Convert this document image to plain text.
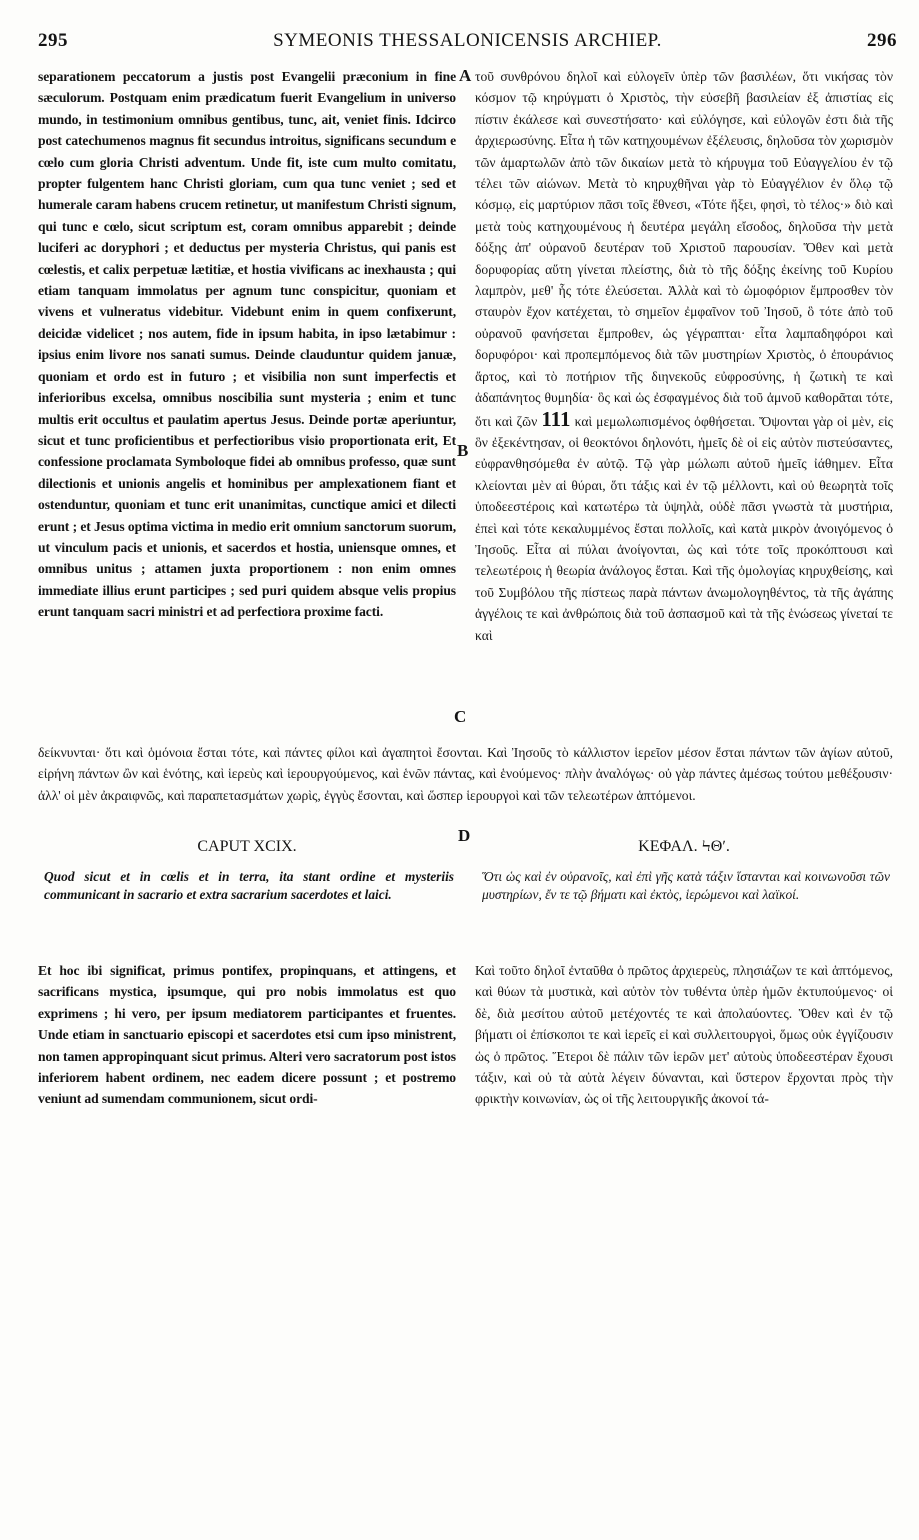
295	SYMEONIS THESSALONICENSIS ARCHIEP.	296
separationem peccatorum a justis post Evangelii præconium in fine sæculorum. Postquam enim prædicatum fuerit Evangelium in universo mundo, in testimonium omnibus gentibus, tunc, ait, veniet finis. Idcirco post catechumenos magnus fit secundus introitus, significans secundum e cœlo cum gloria Christi adventum. Unde fit, iste cum multo comitatu, propter fulgentem hanc Christi gloriam, cum qua tunc veniet ; sed et humerale caram habens crucem retinetur, ut manifestum Christi signum, qui tunc e cœlo, sicut scriptum est, coram omnibus apparebit ; deinde luciferi ac doryphori ; et deductus per mysteria Christus, qui panis est cœlestis, et calix perpetuæ lætitiæ, et hostia vivificans ac inexhausta ; qui etiam tanquam immolatus per agnum tunc conspicitur, quoniam et vivens et vulneratus videbitur. Videbunt enim in quem confixerunt, deicidæ videlicet ; nos autem, fide in ipsum habita, in ipso lætabimur : ipsius enim livore nos sanati sumus. Deinde clauduntur quidem januæ, quoniam et ordo est in futuro ; et visibilia non sunt imperfectis et inferioribus excelsa, omnibus noscibilia sunt mysteria ; enim et tunc multis erit occultus et paulatim apertus Jesus. Deinde portæ aperiuntur, sicut et tunc proficientibus et perfectioribus visio proportionata erit, Et confessione proclamata Symboloque fidei ab omnibus professo, quæ sunt dilectionis et unionis angelis et hominibus per amplexationem fiant et ostenduntur, quoniam et tunc erit unanimitas, cunctique amici et dilecti erunt ; et Jesus optima victima in medio erit omnium sanctorum suorum, ut vinculum pacis et unionis, et sacerdos et hostia, uniensque omnes, et omnibus unitus ; attamen juxta proportionem : non enim omnes immediate illius erunt participes ; sed puri quidem absque velis propius erunt tanquam sacri ministri et ad perfectiora proxime facti.
τοῦ συνθρόνου δηλοῖ καὶ εὐλογεῖν ὑπὲρ τῶν βασιλέων, ὅτι νικήσας τὸν κόσμον τῷ κηρύγματι ὁ Χριστὸς, τὴν εὐσεβῆ βασιλείαν ἐξ ἀπιστίας εἰς πίστιν ἐκάλεσε καὶ συνεστήσατο· καὶ εὐλόγησε, καὶ εὐλογῶν ἐστι διὰ τῆς ἀρχιερωσύνης. Εἶτα ἡ τῶν κατηχουμένων ἐξέλευσις, δηλοῦσα τὸν χωρισμὸν τῶν ἁμαρτωλῶν ἀπὸ τῶν δικαίων μετὰ τὸ κήρυγμα τοῦ Εὐαγγελίου ἐν τῷ τέλει τῶν αἰώνων. Μετὰ τὸ κηρυχθῆναι γὰρ τὸ Εὐαγγέλιον ἐν ὅλῳ τῷ κόσμῳ, εἰς μαρτύριον πᾶσι τοῖς ἔθνεσι, «Τότε ἥξει, φησὶ, τὸ τέλος·» διὸ καὶ μετὰ τοὺς κατηχουμένους ἡ δευτέρα μεγάλη εἴσοδος, δηλοῦσα τὴν μετὰ δόξης ἀπ' οὐρανοῦ δευτέραν τοῦ Χριστοῦ παρουσίαν. Ὅθεν καὶ μετὰ δορυφορίας αὕτη γίνεται πλείστης, διὰ τὸ τῆς δόξης ἐκείνης τοῦ Κυρίου λαμπρὸν, μεθ' ἧς τότε ἐλεύσεται. Ἀλλὰ καὶ τὸ ὠμοφόριον ἔμπροσθεν τὸν σταυρὸν ἔχον κατέχεται, τὸ σημεῖον ἐμφαῖνον τοῦ Ἰησοῦ, ὃ τότε ἀπὸ τοῦ οὐρανοῦ φανήσεται ἔμπροθεν, ὡς γέγραπται· εἶτα λαμπαδηφόροι καὶ δορυφόροι· καὶ προπεμπόμενος διὰ τῶν μυστηρίων Χριστὸς, ὁ ἐπουράνιος ἄρτος, καὶ τὸ ποτήριον τῆς διηνεκοῦς εὐφροσύνης, ἡ ζωτικὴ τε καὶ ἀδαπάνητος θυμηδία· ὃς καὶ ὡς ἐσφαγμένος διὰ τοῦ ἀμνοῦ καθορᾶται τότε, ὅτι καὶ ζῶν 111 καὶ μεμωλωπισμένος ὀφθήσεται. Ὄψονται γὰρ οἱ μὲν, εἰς ὃν ἐξεκέντησαν, οἱ θεοκτόνοι δηλονότι, ἡμεῖς δὲ οἱ εἰς αὐτὸν πιστεύσαντες, εὐφρανθησόμεθα ἐν αὐτῷ. Τῷ γὰρ μώλωπι αὐτοῦ ἡμεῖς ἰάθημεν. Εἶτα κλείονται μὲν αἱ θύραι, ὅτι τάξις καὶ ἐν τῷ μέλλοντι, καὶ οὐ θεωρητὰ τοῖς ὑποδεεστέροις καὶ κατωτέρω τὰ ὑψηλὰ, οὐδὲ πᾶσι γνωστὰ τὰ μυστήρια, ἐπεὶ καὶ τότε κεκαλυμμένος ἔσται πολλοῖς, καὶ κατὰ μικρὸν ἀνοιγόμενος ὁ Ἰησοῦς. Εἶτα αἱ πύλαι ἀνοίγονται, ὡς καὶ τότε τοῖς προκόπτουσι καὶ τελεωτέροις ἡ θεωρία ἀνάλογος ἔσται. Καὶ τῆς ὁμολογίας κηρυχθείσης, καὶ τοῦ Συμβόλου τῆς πίστεως παρὰ πάντων ἀνωμολογηθέντος, τὰ τῆς ἀγάπης ἀγγέλοις τε καὶ ἀνθρώποις διὰ τοῦ ἀσπασμοῦ καὶ τὰ τῆς ἑνώσεως γίνεταί τε καὶ
A
B
C
D
δείκνυνται· ὅτι καὶ ὁμόνοια ἔσται τότε, καὶ πάντες φίλοι καὶ ἀγαπητοὶ ἔσονται. Καὶ Ἰησοῦς τὸ κάλλιστον ἱερεῖον μέσον ἔσται πάντων τῶν ἁγίων αὐτοῦ, εἰρήνη πάντων ὢν καὶ ἑνότης, καὶ ἱερεὺς καὶ ἱερουργούμενος, καὶ ἑνῶν πάντας, καὶ ἑνούμενος· πλὴν ἀναλόγως· οὐ γὰρ πάντες ἀμέσως τούτου μεθέξουσιν· ἀλλ' οἱ μὲν ἀκραιφνῶς, καὶ παραπετασμάτων χωρὶς, ἐγγὺς ἔσονται, καὶ ὥσπερ ἱερουργοὶ καὶ τῶν τελεωτέρων ἁπτόμενοι.
CAPUT XCIX.	ΚΕΦΑΛ. ϞΘʹ.
Quod sicut et in cœlis et in terra, ita stant ordine et mysteriis communicant in sacrario et extra sacrarium sacerdotes et laici.
Ὅτι ὡς καὶ ἐν οὐρανοῖς, καὶ ἐπὶ γῆς κατὰ τάξιν ἵστανται καὶ κοινωνοῦσι τῶν μυστηρίων, ἔν τε τῷ βήματι καὶ ἐκτὸς, ἱερώμενοι καὶ λαϊκοί.
Et hoc ibi significat, primus pontifex, propinquans, et attingens, et sacrificans mystica, ipsumque, qui pro nobis immolatus est quo exprimens ; hi vero, per ipsum mediatorem participantes et fruentes. Unde etiam in sanctuario episcopi et sacerdotes etsi cum ipso ministrent, non tamen appropinquant sicut primus. Alteri vero sacratorum post istos inferiorem habent ordinem, nec eadem dicere possunt ; et postremo veniunt ad sumendam communionem, sicut ordi-
Καὶ τοῦτο δηλοῖ ἐνταῦθα ὁ πρῶτος ἀρχιερεὺς, πλησιάζων τε καὶ ἁπτόμενος, καὶ θύων τὰ μυστικὰ, καὶ αὐτὸν τὸν τυθέντα ὑπὲρ ἡμῶν ἐκτυπούμενος· οἱ δὲ, διὰ μεσίτου αὐτοῦ μετέχοντές τε καὶ ἀπολαύοντες. Ὅθεν καὶ ἐν τῷ βήματι οἱ ἐπίσκοποι τε καὶ ἱερεῖς εἰ καὶ συλλειτουργοὶ, ὅμως οὐκ ἐγγίζουσιν ὡς ὁ πρῶτος. Ἕτεροι δὲ πάλιν τῶν ἱερῶν μετ' αὐτοὺς ὑποδεεστέραν ἔχουσι τάξιν, καὶ οὐ τὰ αὐτὰ λέγειν δύνανται, καὶ ὕστερον ἔρχονται πρὸς τὴν φρικτὴν κοινωνίαν, ὡς οἱ τῆς λειτουργικῆς ἀκονοί τά-
